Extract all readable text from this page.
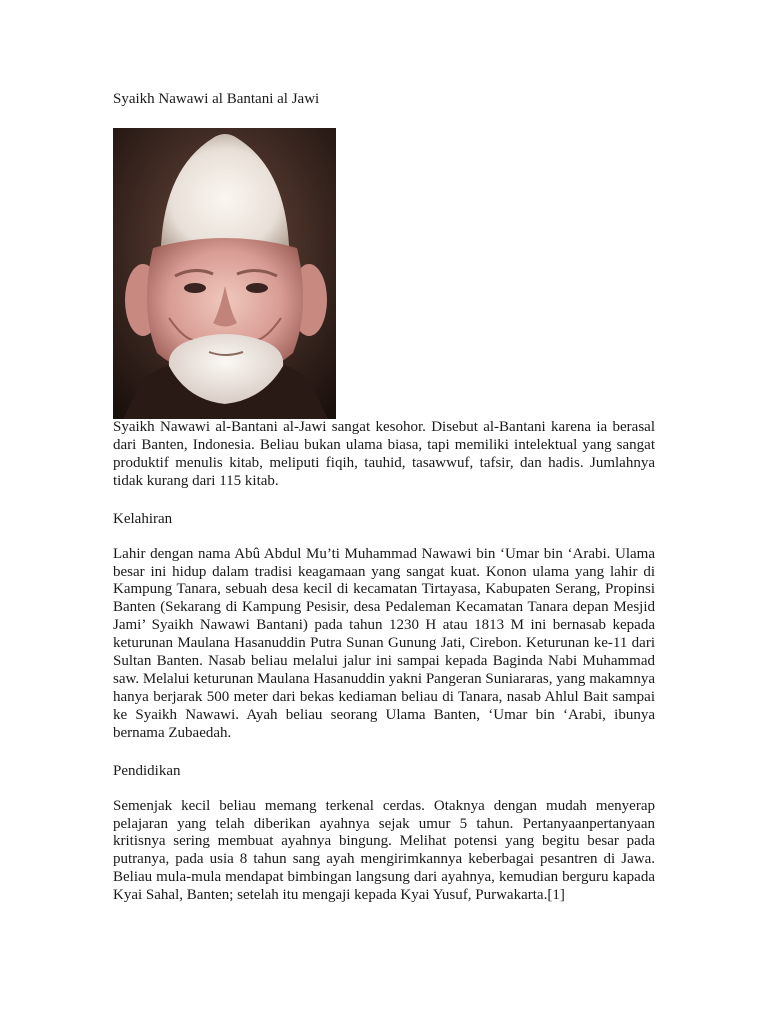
Syaikh Nawawi al Bantani al Jawi

Syaikh Nawawi al-Bantani al-Jawi sangat kesohor. Disebut al-Bantani karena ia berasal dari Banten, Indonesia. Beliau bukan ulama biasa, tapi memiliki intelektual yang sangat produktif menulis kitab, meliputi fiqih, tauhid, tasawwuf, tafsir, dan hadis. Jumlahnya tidak kurang dari 115 kitab.

Kelahiran

Lahir dengan nama Abû Abdul Mu’ti Muhammad Nawawi bin ‘Umar bin ‘Arabi. Ulama besar ini hidup dalam tradisi keagamaan yang sangat kuat. Konon ulama yang lahir di Kampung Tanara, sebuah desa kecil di kecamatan Tirtayasa, Kabupaten Serang, Propinsi Banten (Sekarang di Kampung Pesisir, desa Pedaleman Kecamatan Tanara depan Mesjid Jami’ Syaikh Nawawi Bantani) pada tahun 1230 H atau 1813 M ini bernasab kepada keturunan Maulana Hasanuddin Putra Sunan Gunung Jati, Cirebon. Keturunan ke-11 dari Sultan Banten. Nasab beliau melalui jalur ini sampai kepada Baginda Nabi Muhammad saw. Melalui keturunan Maulana Hasanuddin yakni Pangeran Suniararas, yang makamnya hanya berjarak 500 meter dari bekas kediaman beliau di Tanara, nasab Ahlul Bait sampai ke Syaikh Nawawi. Ayah beliau seorang Ulama Banten, ‘Umar bin ‘Arabi, ibunya bernama Zubaedah.

Pendidikan

Semenjak kecil beliau memang terkenal cerdas. Otaknya dengan mudah menyerap pelajaran yang telah diberikan ayahnya sejak umur 5 tahun. Pertanyaanpertanyaan kritisnya sering membuat ayahnya bingung. Melihat potensi yang begitu besar pada putranya, pada usia 8 tahun sang ayah mengirimkannya keberbagai pesantren di Jawa. Beliau mula-mula mendapat bimbingan langsung dari ayahnya, kemudian berguru kapada Kyai Sahal, Banten; setelah itu mengaji kepada Kyai Yusuf, Purwakarta.[1]
